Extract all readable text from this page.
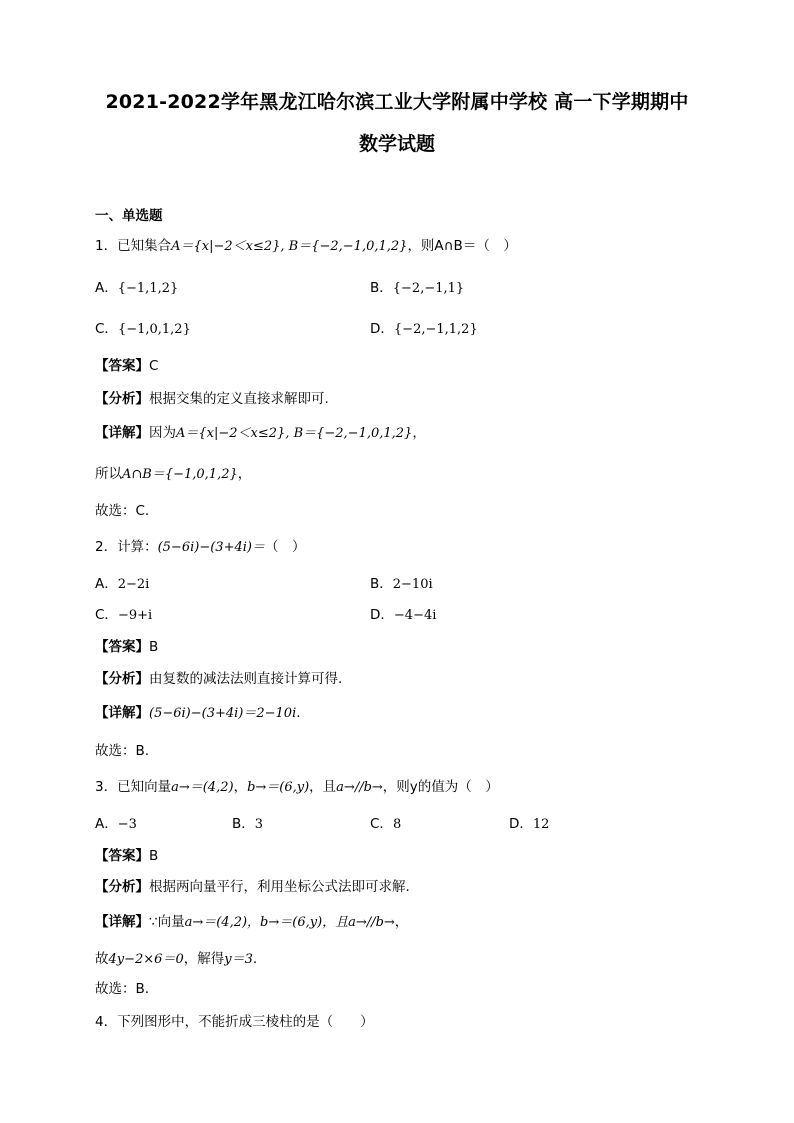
2021-2022学年黑龙江哈尔滨工业大学附属中学校 高一下学期期中
数学试题
一、单选题
1．已知集合A＝{x|−2＜x≤2}, B＝{−2,−1,0,1,2}，则A∩B＝（　）
A．{−1,1,2}	B．{−2,−1,1}
C．{−1,0,1,2}	D．{−2,−1,1,2}
【答案】C
【分析】根据交集的定义直接求解即可.
【详解】因为A＝{x|−2＜x≤2}, B＝{−2,−1,0,1,2}，
所以A∩B＝{−1,0,1,2}，
故选：C.
2．计算：(5−6i)−(3+4i)＝（　）
A．2−2i	B．2−10i
C．−9+i	D．−4−4i
【答案】B
【分析】由复数的减法法则直接计算可得.
【详解】(5−6i)−(3+4i)＝2−10i.
故选：B.
3．已知向量a→＝(4,2)，b→＝(6,y)，且a→//b→，则y的值为（　）
A．−3	B．3	C．8	D．12
【答案】B
【分析】根据两向量平行，利用坐标公式法即可求解.
【详解】∵向量a→＝(4,2)，b→＝(6,y)，且a→//b→，
故4y−2×6＝0，解得y＝3.
故选：B.
4．下列图形中，不能折成三棱柱的是（　　）
